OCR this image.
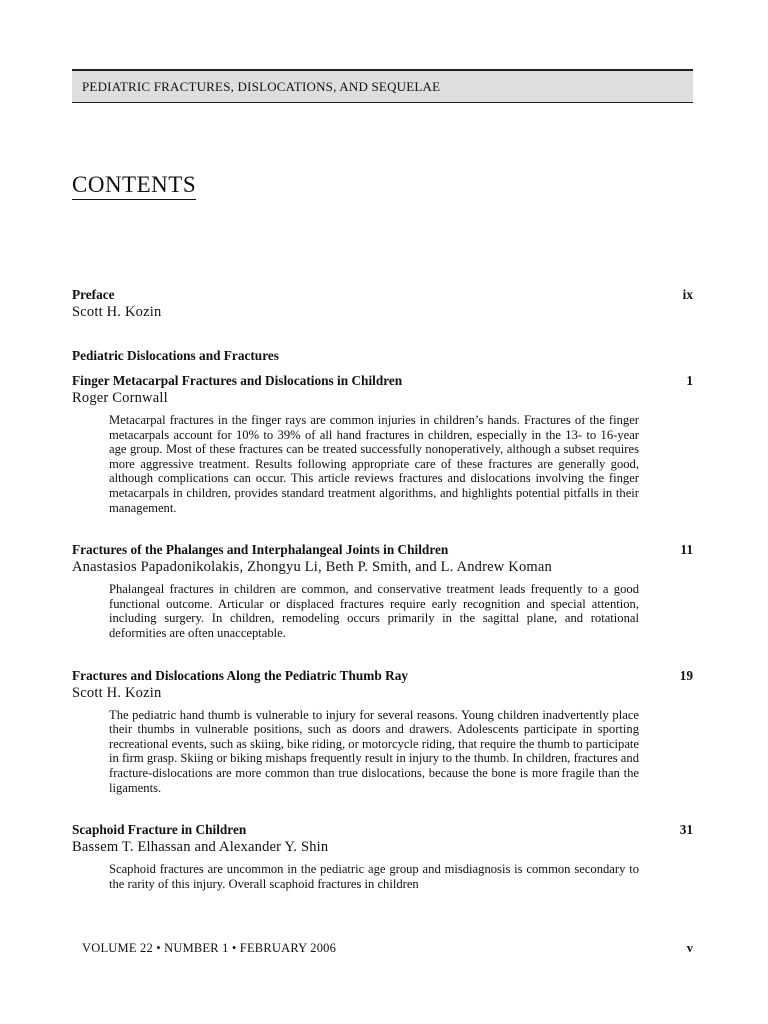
PEDIATRIC FRACTURES, DISLOCATIONS, AND SEQUELAE
CONTENTS
Preface	ix
Scott H. Kozin
Pediatric Dislocations and Fractures
Finger Metacarpal Fractures and Dislocations in Children	1
Roger Cornwall
Metacarpal fractures in the finger rays are common injuries in children’s hands. Fractures of the finger metacarpals account for 10% to 39% of all hand fractures in children, especially in the 13- to 16-year age group. Most of these fractures can be treated successfully nonoperatively, although a subset requires more aggressive treatment. Results following appropriate care of these fractures are generally good, although complications can occur. This article reviews fractures and dislocations involving the finger metacarpals in children, provides standard treatment algorithms, and highlights potential pitfalls in their management.
Fractures of the Phalanges and Interphalangeal Joints in Children	11
Anastasios Papadonikolakis, Zhongyu Li, Beth P. Smith, and L. Andrew Koman
Phalangeal fractures in children are common, and conservative treatment leads frequently to a good functional outcome. Articular or displaced fractures require early recognition and special attention, including surgery. In children, remodeling occurs primarily in the sagittal plane, and rotational deformities are often unacceptable.
Fractures and Dislocations Along the Pediatric Thumb Ray	19
Scott H. Kozin
The pediatric hand thumb is vulnerable to injury for several reasons. Young children inadvertently place their thumbs in vulnerable positions, such as doors and drawers. Adolescents participate in sporting recreational events, such as skiing, bike riding, or motorcycle riding, that require the thumb to participate in firm grasp. Skiing or biking mishaps frequently result in injury to the thumb. In children, fractures and fracture-dislocations are more common than true dislocations, because the bone is more fragile than the ligaments.
Scaphoid Fracture in Children	31
Bassem T. Elhassan and Alexander Y. Shin
Scaphoid fractures are uncommon in the pediatric age group and misdiagnosis is common secondary to the rarity of this injury. Overall scaphoid fractures in children
VOLUME 22 • NUMBER 1 • FEBRUARY 2006	v
